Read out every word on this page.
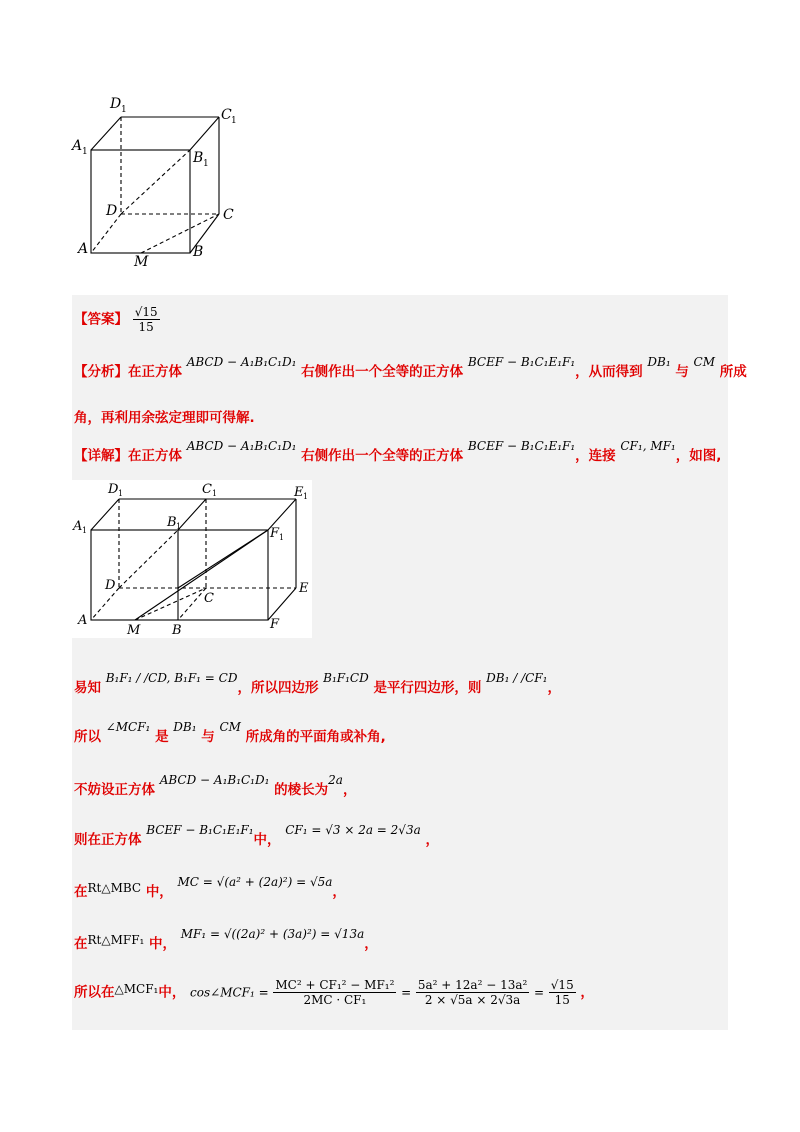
D 1	C 1
A 1	B 1
D	C
A
M
B
【答案】 $\frac{√15}{15}$
【分析】在正方体 ABCD − A₁B₁C₁D₁ 右侧作出一个全等的正方体 BCEF − B₁C₁E₁F₁，从而得到 DB₁ 与 CM 所成
角，再利用余弦定理即可得解.
【详解】在正方体 ABCD − A₁B₁C₁D₁ 右侧作出一个全等的正方体 BCEF − B₁C₁E₁F₁，连接 CF₁, MF₁，如图,
D 1	C 1	E 1
A 1
B 1	F 1
D
C
E
A
M B	F
易知 B₁F₁ / /CD, B₁F₁ = CD，所以四边形 B₁F₁CD 是平行四边形，则 DB₁ / /CF₁，
所以 ∠MCF₁ 是 DB₁ 与 CM 所成角的平面角或补角,
不妨设正方体 ABCD − A₁B₁C₁D₁ 的棱长为2a，
则在正方体 BCEF − B₁C₁E₁F₁中， CF₁ = √3 × 2a = 2√3a ，
在Rt△MBC 中， MC = √(a² + (2a)²) = √5a，
在Rt△MFF₁ 中， MF₁ = √((2a)² + (3a)²) = √13a，
所以在△MCF₁中， cos∠MCF₁ = $\frac{\text{MC² + CF₁² − MF₁²}}{\text{2MC · CF₁}} = \frac{\text{5a² + 12a² − 13a²}}{2 \times √5a \times 2√3a} = \frac{√15}{15}$ ，
